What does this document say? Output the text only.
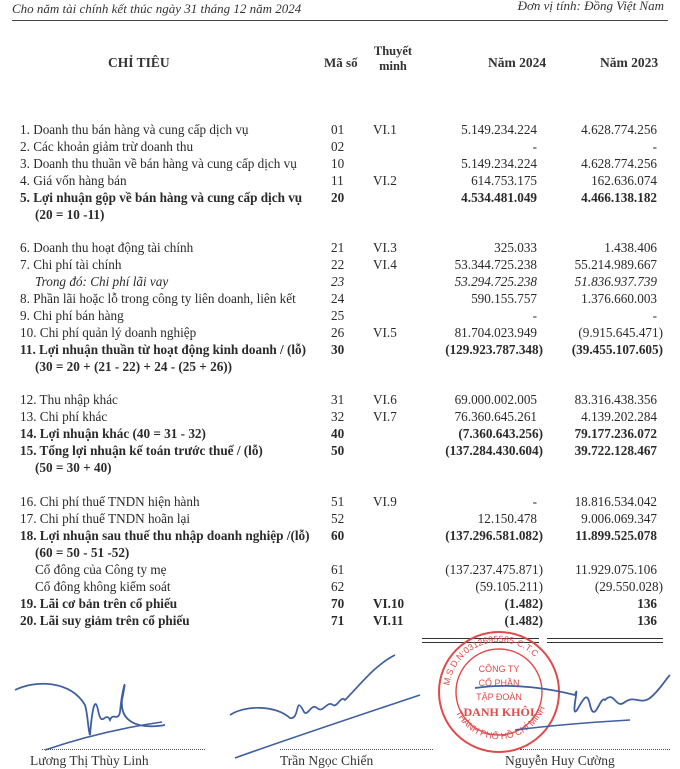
Cho năm tài chính kết thúc ngày 31 tháng 12 năm 2024	Đơn vị tính: Đồng Việt Nam
CHỈ TIÊU	Mã số
Thuyết
minh	Năm 2024	Năm 2023
1. Doanh thu bán hàng và cung cấp dịch vụ	01	VI.1	5.149.234.224	4.628.774.256
2. Các khoản giảm trừ doanh thu	02	-	-
3. Doanh thu thuần về bán hàng và cung cấp dịch vụ	10	5.149.234.224	4.628.774.256
4. Giá vốn hàng bán	11	VI.2	614.753.175	162.636.074
5. Lợi nhuận gộp về bán hàng và cung cấp dịch vụ 20	4.534.481.049	4.466.138.182
(20 = 10 -11)
6. Doanh thu hoạt động tài chính	21	VI.3	325.033	1.438.406
7. Chi phí tài chính	22	VI.4	53.344.725.238	55.214.989.667
Trong đó: Chi phí lãi vay	23	53.294.725.238	51.836.937.739
8. Phần lãi hoặc lỗ trong công ty liên doanh, liên kết	24	590.155.757	1.376.660.003
9. Chi phí bán hàng	25	-	-
10. Chi phí quản lý doanh nghiệp	26	VI.5	81.704.023.949	(9.915.645.471)
11. Lợi nhuận thuần từ hoạt động kinh doanh / (lỗ) 30	(129.923.787.348)	(39.455.107.605)
(30 = 20 + (21 - 22) + 24 - (25 + 26))
12. Thu nhập khác	31	VI.6	69.000.002.005	83.316.438.356
13. Chi phí khác	32	VI.7	76.360.645.261	4.139.202.284
14. Lợi nhuận khác (40 = 31 - 32)	40	(7.360.643.256)	79.177.236.072
15. Tổng lợi nhuận kế toán trước thuế / (lỗ)	50	(137.284.430.604)	39.722.128.467
(50 = 30 + 40)
16. Chi phí thuế TNDN hiện hành	51	VI.9	-	18.816.534.042
17. Chi phí thuế TNDN hoãn lại	52	12.150.478	9.006.069.347
18. Lợi nhuận sau thuế thu nhập doanh nghiệp /(lỗ) 60	(137.296.581.082)	11.899.525.078
(60 = 50 - 51 -52)
Cổ đông của Công ty mẹ	61	(137.237.475.871)	11.929.075.106
Cổ đông không kiểm soát	62	(59.105.211)	(29.550.028)
19. Lãi cơ bản trên cổ phiếu	70	VI.10	(1.482)	136
20. Lãi suy giảm trên cổ phiếu	71	VI.11	(1.482)	136
M.S.D.N:0312695565-C.T.C
THÀNH PHỐ HỒ CHÍ MINH
CÔNG TY
CỔ PHẦN
TẬP ĐOÀN
DANH KHÔI
Lương Thị Thùy Linh	Trần Ngọc Chiến	Nguyễn Huy Cường
